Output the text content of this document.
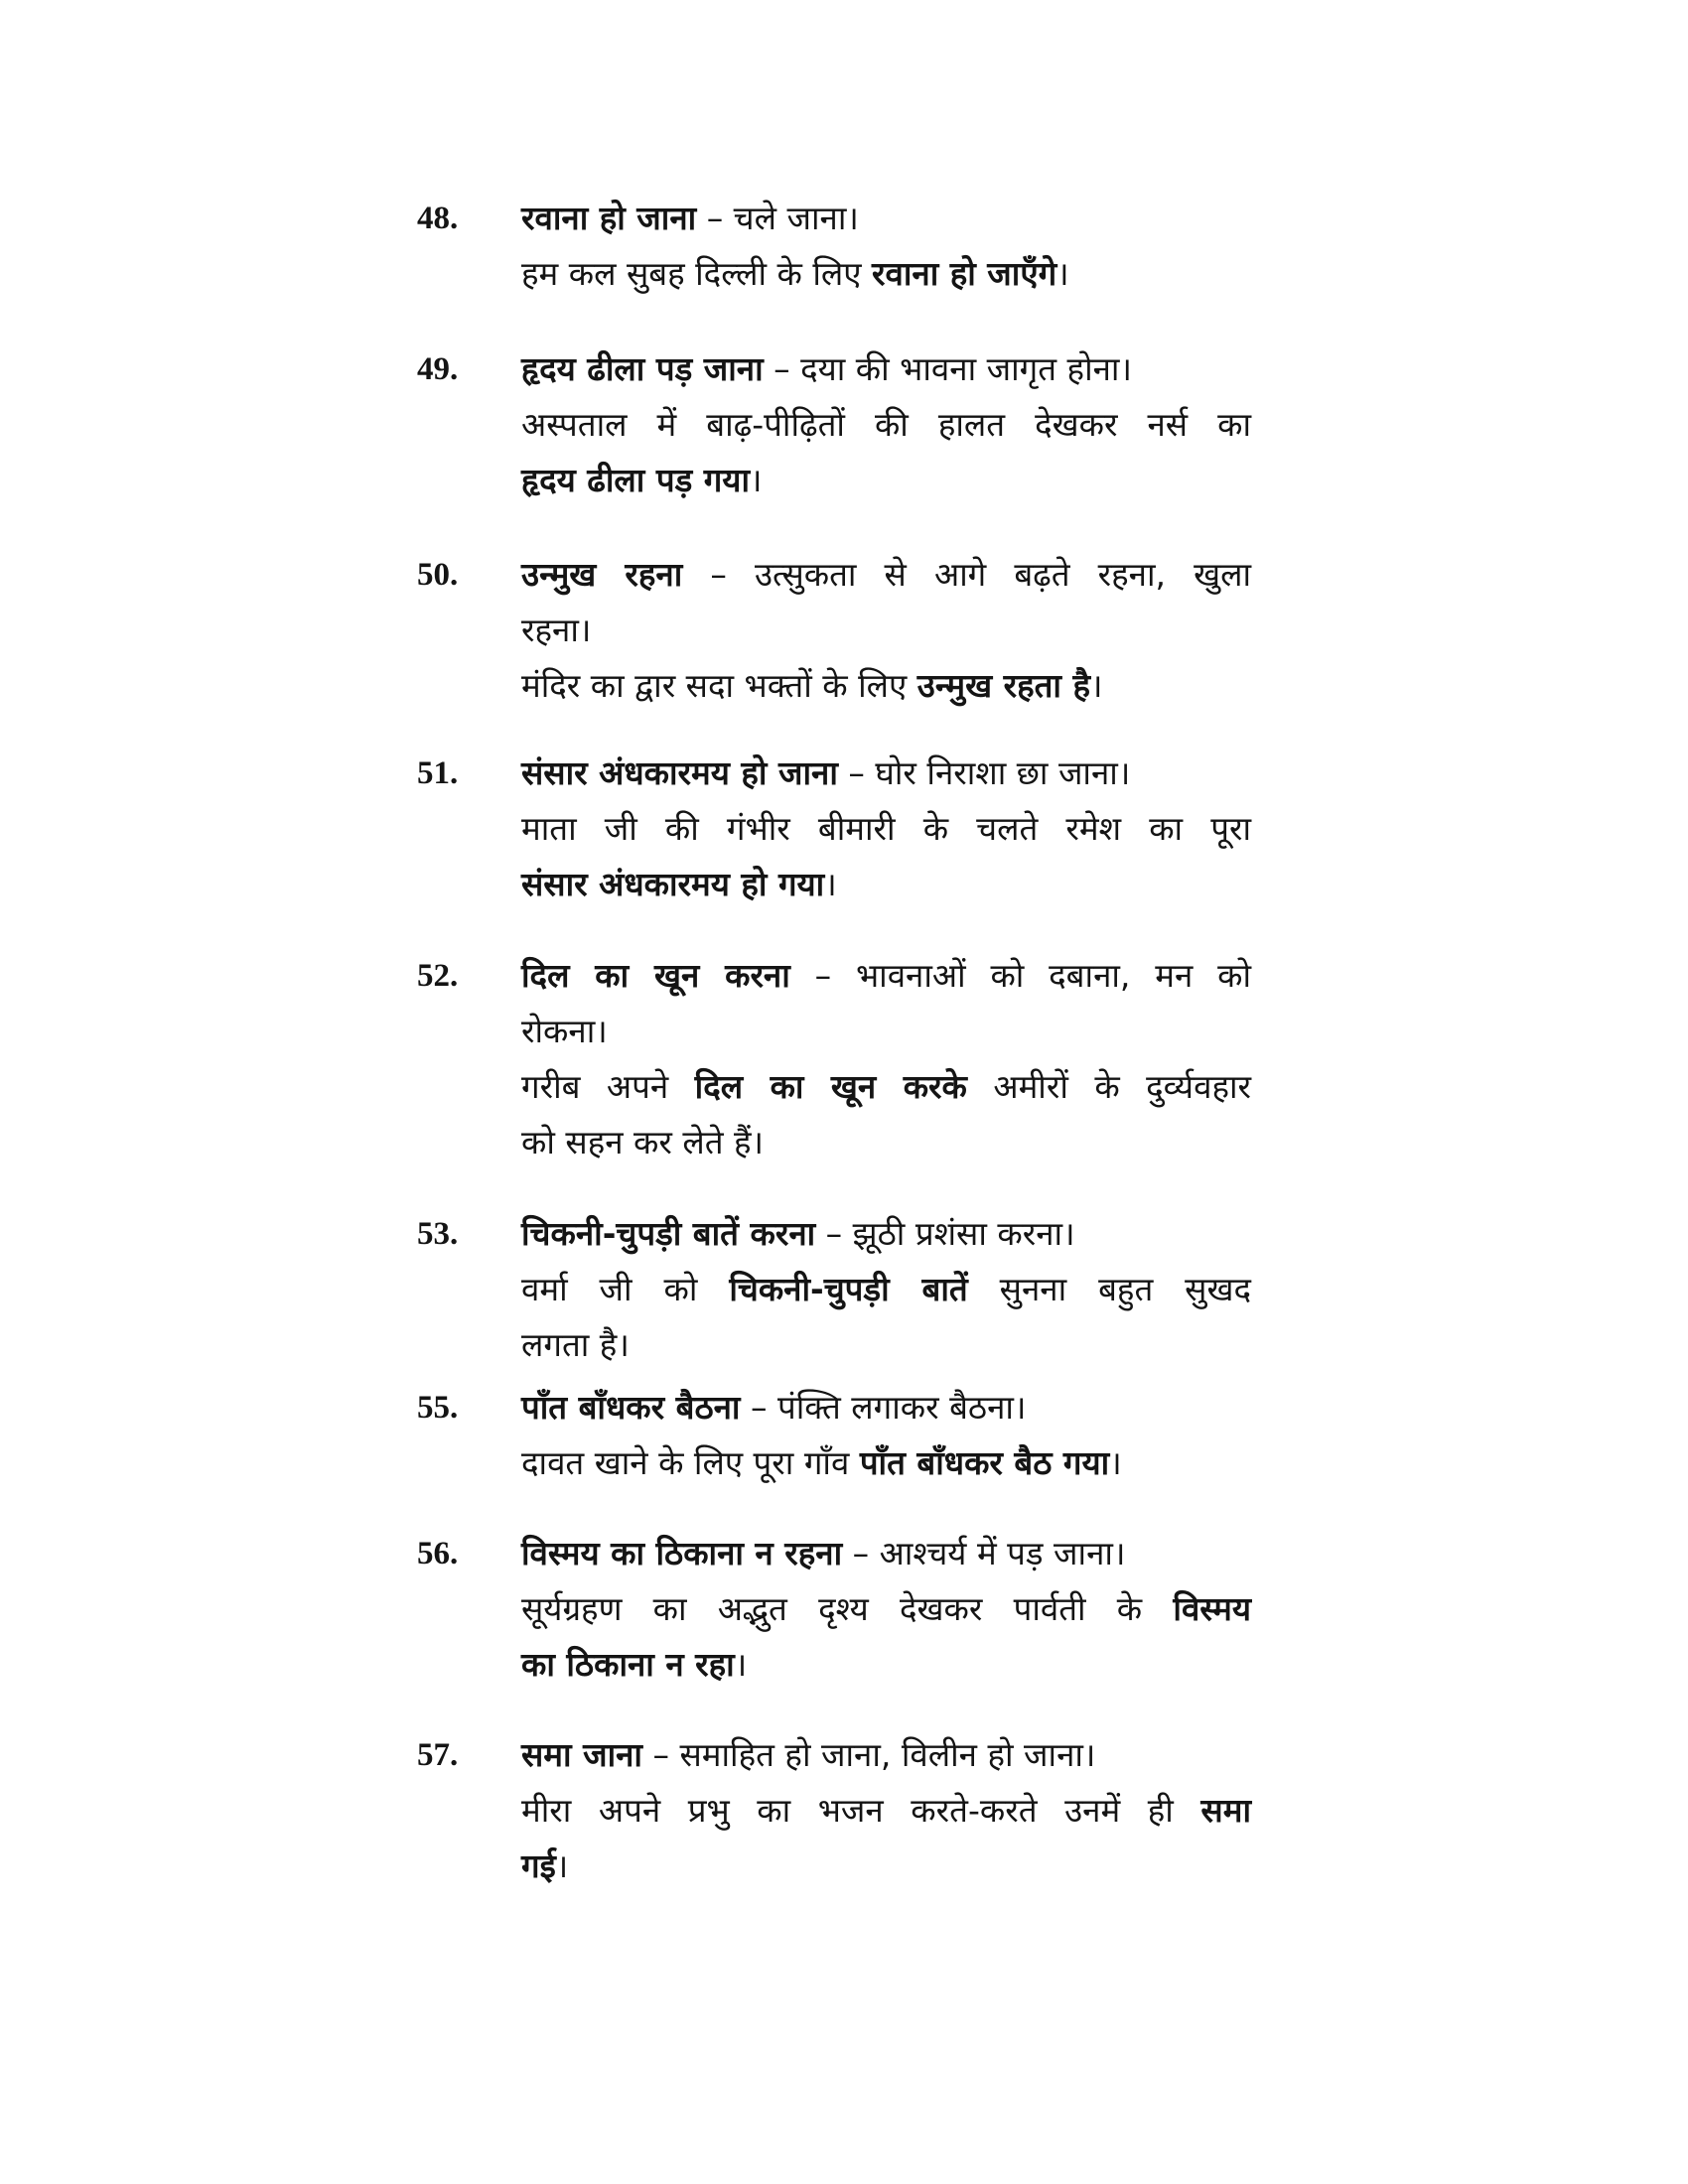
48.	रवाना हो जाना – चले जाना।
हम कल सुबह दिल्ली के लिए रवाना हो जाएँगे।
49.	हृदय ढीला पड़ जाना – दया की भावना जागृत होना।
अस्पताल में बाढ़-पीढ़ितों की हालत देखकर नर्स का
हृदय ढीला पड़ गया।
50.	उन्मुख रहना – उत्सुकता से आगे बढ़ते रहना, खुला
रहना।
मंदिर का द्वार सदा भक्तों के लिए उन्मुख रहता है।
51.	संसार अंधकारमय हो जाना – घोर निराशा छा जाना।
माता जी की गंभीर बीमारी के चलते रमेश का पूरा
संसार अंधकारमय हो गया।
52.	दिल का खून करना – भावनाओं को दबाना, मन को
रोकना।
गरीब अपने दिल का खून करके अमीरों के दुर्व्यवहार
को सहन कर लेते हैं।
53.	चिकनी-चुपड़ी बातें करना – झूठी प्रशंसा करना।
वर्मा जी को चिकनी-चुपड़ी बातें सुनना बहुत सुखद
लगता है।
55.	पाँत बाँधकर बैठना – पंक्ति लगाकर बैठना।
दावत खाने के लिए पूरा गाँव पाँत बाँधकर बैठ गया।
56.	विस्मय का ठिकाना न रहना – आश्चर्य में पड़ जाना।
सूर्यग्रहण का अद्भुत दृश्य देखकर पार्वती के विस्मय
का ठिकाना न रहा।
57.	समा जाना – समाहित हो जाना, विलीन हो जाना।
मीरा अपने प्रभु का भजन करते-करते उनमें ही समा
गई।
